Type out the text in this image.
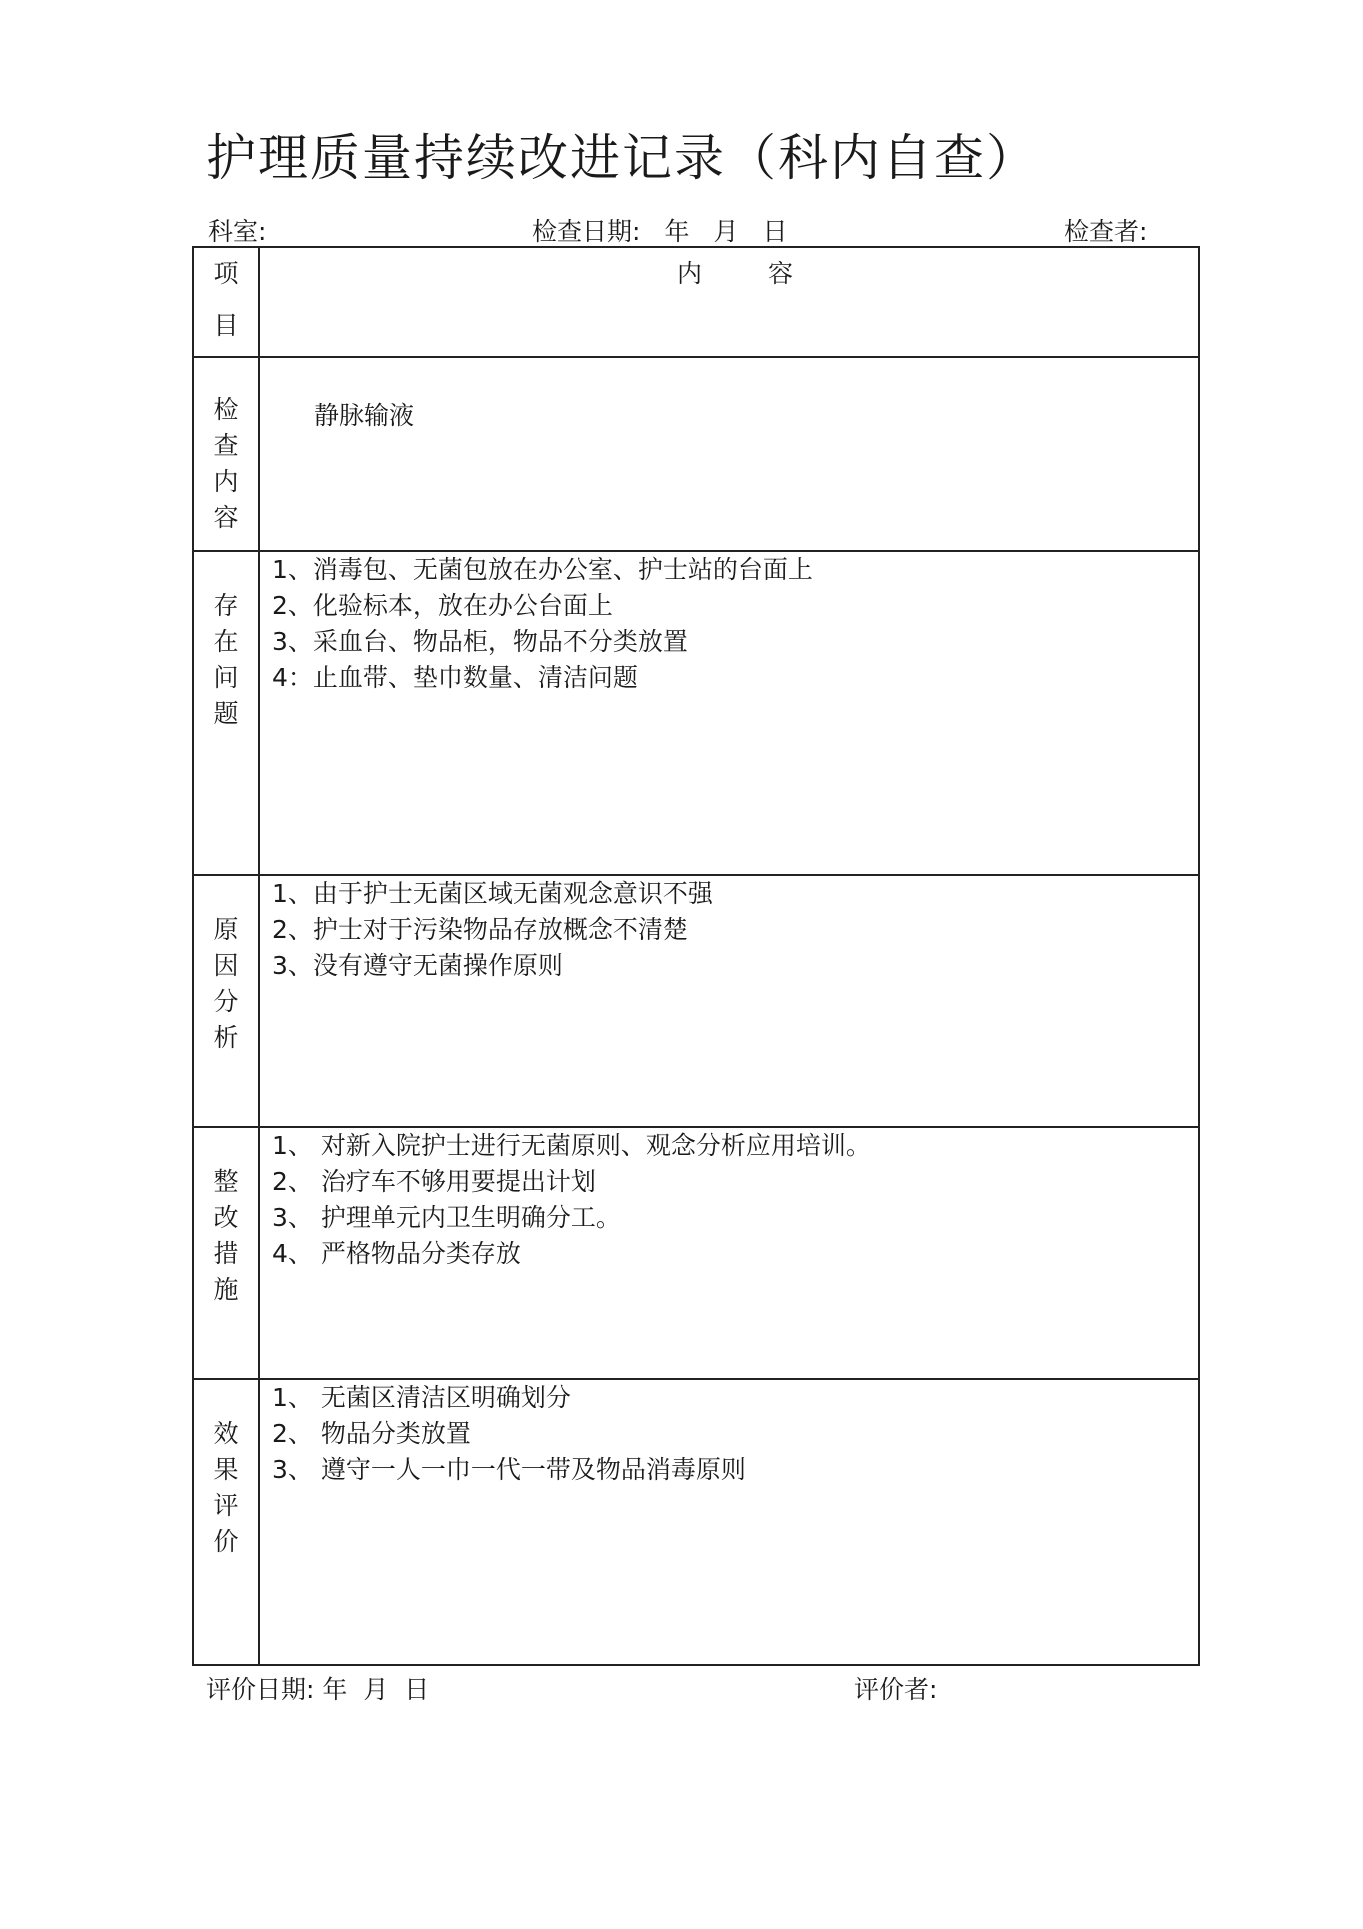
护理质量持续改进记录（科内自查）
科室:	检查日期: 年 月 日	检查者:
项
目	内 容

检
查
内
容	静脉输液

存
在
问
题	1、消毒包、无菌包放在办公室、护士站的台面上
2、化验标本，放在办公台面上
3、采血台、物品柜，物品不分类放置
4：止血带、垫巾数量、清洁问题

原
因
分
析	1、由于护士无菌区域无菌观念意识不强
2、护士对于污染物品存放概念不清楚
3、没有遵守无菌操作原则

整
改
措
施	1、 对新入院护士进行无菌原则、观念分析应用培训。
2、 治疗车不够用要提出计划
3、 护理单元内卫生明确分工。
4、 严格物品分类存放

效
果
评
价	1、 无菌区清洁区明确划分
2、 物品分类放置
3、 遵守一人一巾一代一带及物品消毒原则
评价日期: 年 月 日	评价者:
